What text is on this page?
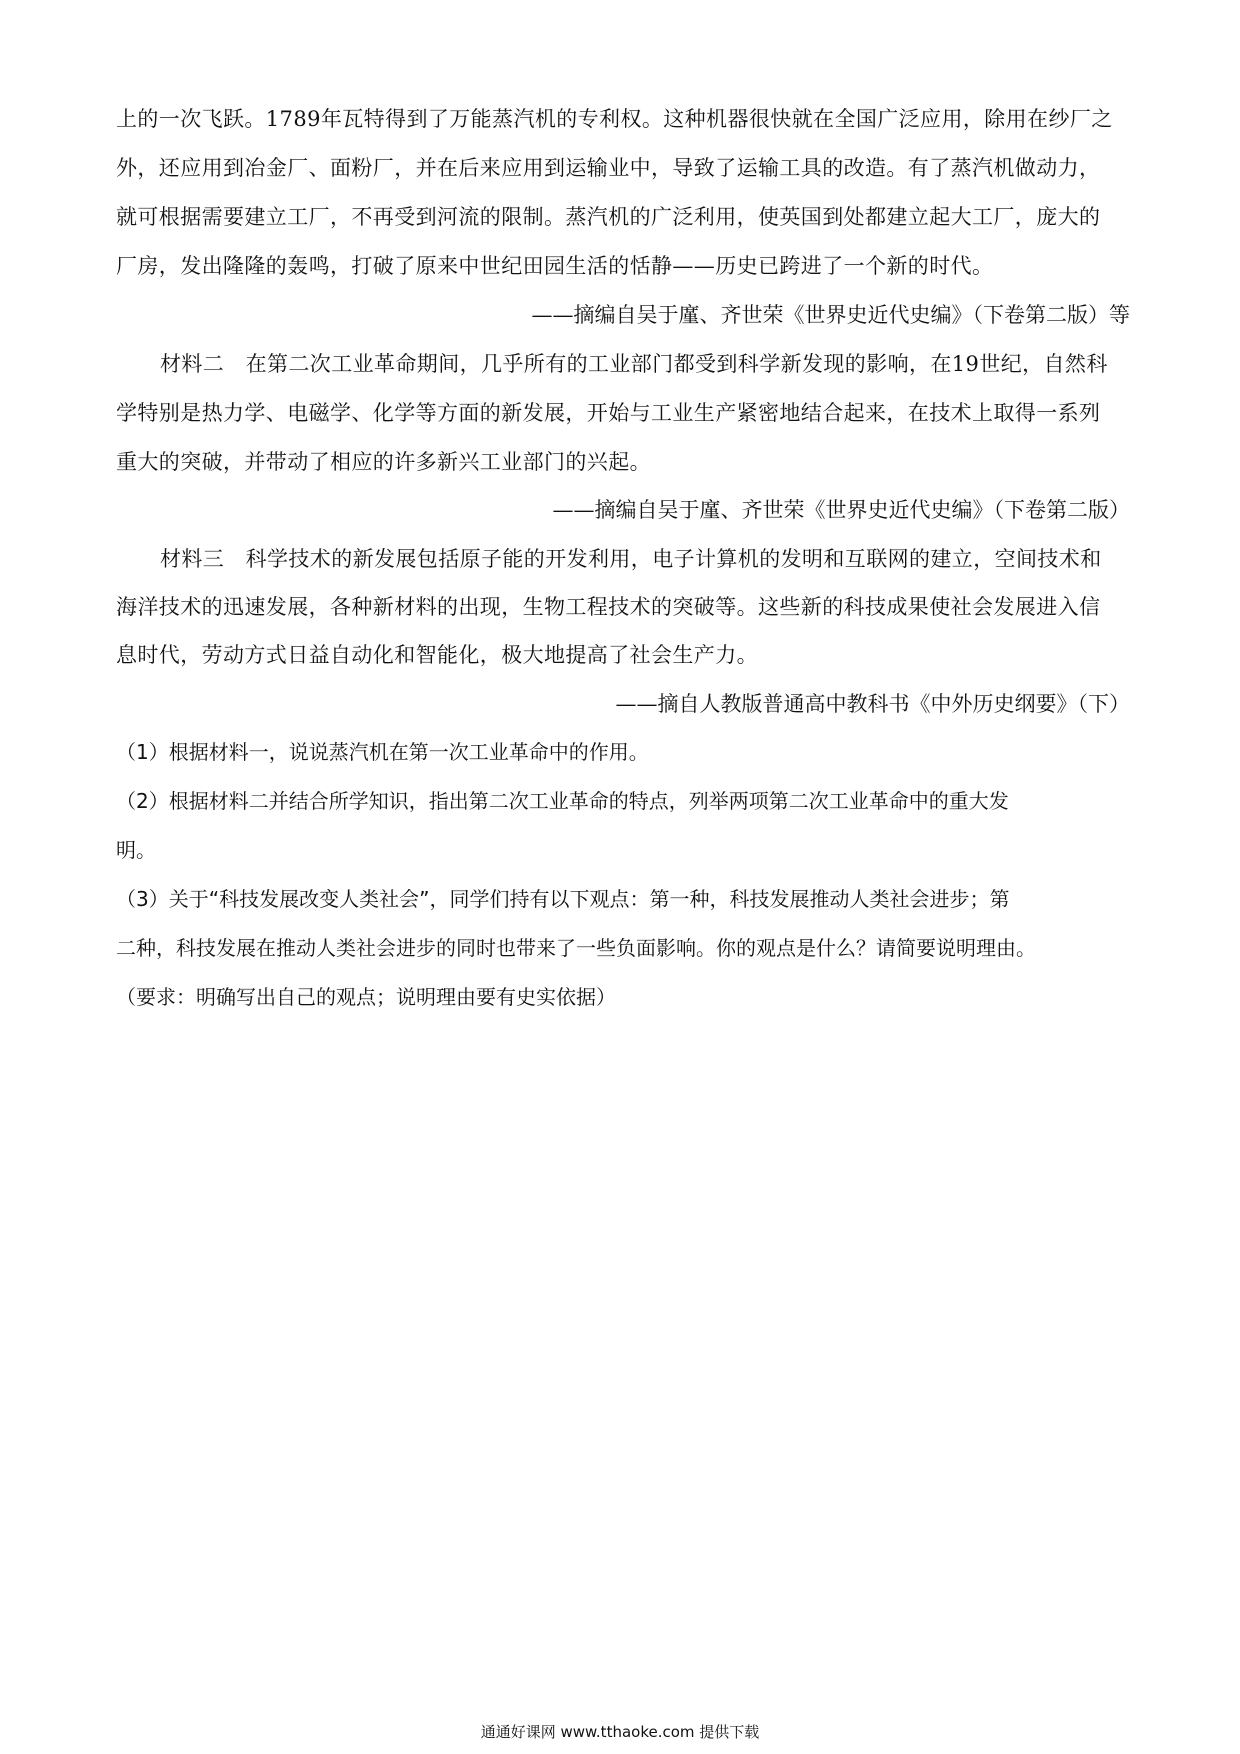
上的一次飞跃。1789年瓦特得到了万能蒸汽机的专利权。这种机器很快就在全国广泛应用，除用在纱厂之
外，还应用到冶金厂、面粉厂，并在后来应用到运输业中，导致了运输工具的改造。有了蒸汽机做动力，
就可根据需要建立工厂，不再受到河流的限制。蒸汽机的广泛利用，使英国到处都建立起大工厂，庞大的
厂房，发出隆隆的轰鸣，打破了原来中世纪田园生活的恬静——历史已跨进了一个新的时代。
——摘编自吴于廑、齐世荣《世界史近代史编》（下卷第二版）等
材料二　在第二次工业革命期间，几乎所有的工业部门都受到科学新发现的影响，在19世纪，自然科
学特别是热力学、电磁学、化学等方面的新发展，开始与工业生产紧密地结合起来，在技术上取得一系列
重大的突破，并带动了相应的许多新兴工业部门的兴起。
——摘编自吴于廑、齐世荣《世界史近代史编》（下卷第二版）
材料三　科学技术的新发展包括原子能的开发利用，电子计算机的发明和互联网的建立，空间技术和
海洋技术的迅速发展，各种新材料的出现，生物工程技术的突破等。这些新的科技成果使社会发展进入信
息时代，劳动方式日益自动化和智能化，极大地提高了社会生产力。
——摘自人教版普通高中教科书《中外历史纲要》（下）
（1）根据材料一，说说蒸汽机在第一次工业革命中的作用。
（2）根据材料二并结合所学知识，指出第二次工业革命的特点，列举两项第二次工业革命中的重大发
明。
（3）关于“科技发展改变人类社会”，同学们持有以下观点：第一种，科技发展推动人类社会进步；第
二种，科技发展在推动人类社会进步的同时也带来了一些负面影响。你的观点是什么？请简要说明理由。
（要求：明确写出自己的观点；说明理由要有史实依据）
通通好课网 www.tthaoke.com 提供下载
